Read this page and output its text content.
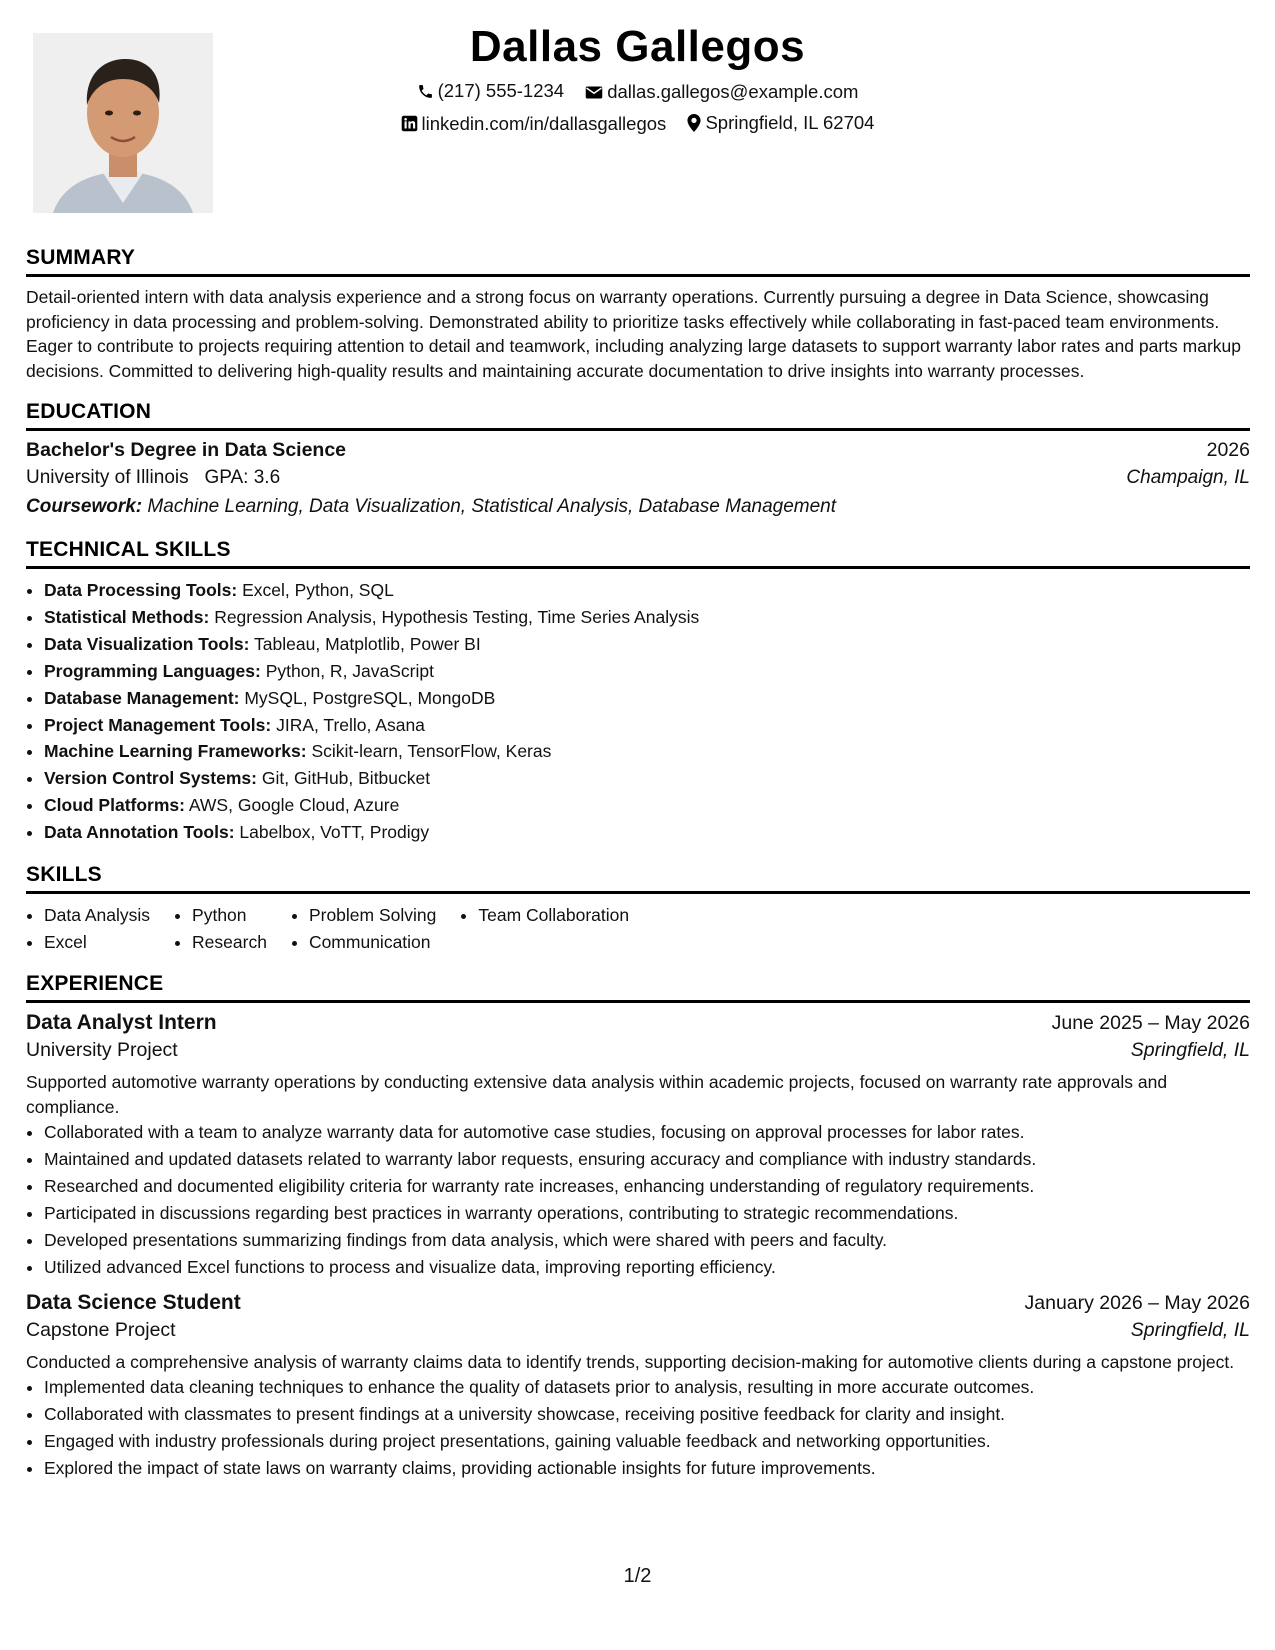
Dallas Gallegos
(217) 555-1234
dallas.gallegos@example.com
linkedin.com/in/dallasgallegos
Springfield, IL 62704
SUMMARY

Detail-oriented intern with data analysis experience and a strong focus on warranty operations. Currently pursuing a degree in Data Science, showcasing proficiency in data processing and problem-solving. Demonstrated ability to prioritize tasks effectively while collaborating in fast-paced team environments. Eager to contribute to projects requiring attention to detail and teamwork, including analyzing large datasets to support warranty labor rates and parts markup decisions. Committed to delivering high-quality results and maintaining accurate documentation to drive insights into warranty processes.

EDUCATION
Bachelor's Degree in Data Science	2026
University of Illinois GPA: 3.6	Champaign, IL
Coursework: Machine Learning, Data Visualization, Statistical Analysis, Database Management
TECHNICAL SKILLS
• Data Processing Tools: Excel, Python, SQL
• Statistical Methods: Regression Analysis, Hypothesis Testing, Time Series Analysis
• Data Visualization Tools: Tableau, Matplotlib, Power BI
• Programming Languages: Python, R, JavaScript
• Database Management: MySQL, PostgreSQL, MongoDB
• Project Management Tools: JIRA, Trello, Asana
• Machine Learning Frameworks: Scikit-learn, TensorFlow, Keras
• Version Control Systems: Git, GitHub, Bitbucket
• Cloud Platforms: AWS, Google Cloud, Azure
• Data Annotation Tools: Labelbox, VoTT, Prodigy
SKILLS
• Data Analysis
• Excel
• Python
• Research
• Problem Solving
• Communication
• Team Collaboration
EXPERIENCE
Data Analyst Intern	June 2025 – May 2026
University Project	Springfield, IL
Supported automotive warranty operations by conducting extensive data analysis within academic projects, focused on warranty rate approvals and compliance.
• Collaborated with a team to analyze warranty data for automotive case studies, focusing on approval processes for labor rates.
• Maintained and updated datasets related to warranty labor requests, ensuring accuracy and compliance with industry standards.
• Researched and documented eligibility criteria for warranty rate increases, enhancing understanding of regulatory requirements.
• Participated in discussions regarding best practices in warranty operations, contributing to strategic recommendations.
• Developed presentations summarizing findings from data analysis, which were shared with peers and faculty.
• Utilized advanced Excel functions to process and visualize data, improving reporting efficiency.
Data Science Student	January 2026 – May 2026
Capstone Project	Springfield, IL
Conducted a comprehensive analysis of warranty claims data to identify trends, supporting decision-making for automotive clients during a capstone project.
• Implemented data cleaning techniques to enhance the quality of datasets prior to analysis, resulting in more accurate outcomes.
• Collaborated with classmates to present findings at a university showcase, receiving positive feedback for clarity and insight.
• Engaged with industry professionals during project presentations, gaining valuable feedback and networking opportunities.
• Explored the impact of state laws on warranty claims, providing actionable insights for future improvements.
1/2
